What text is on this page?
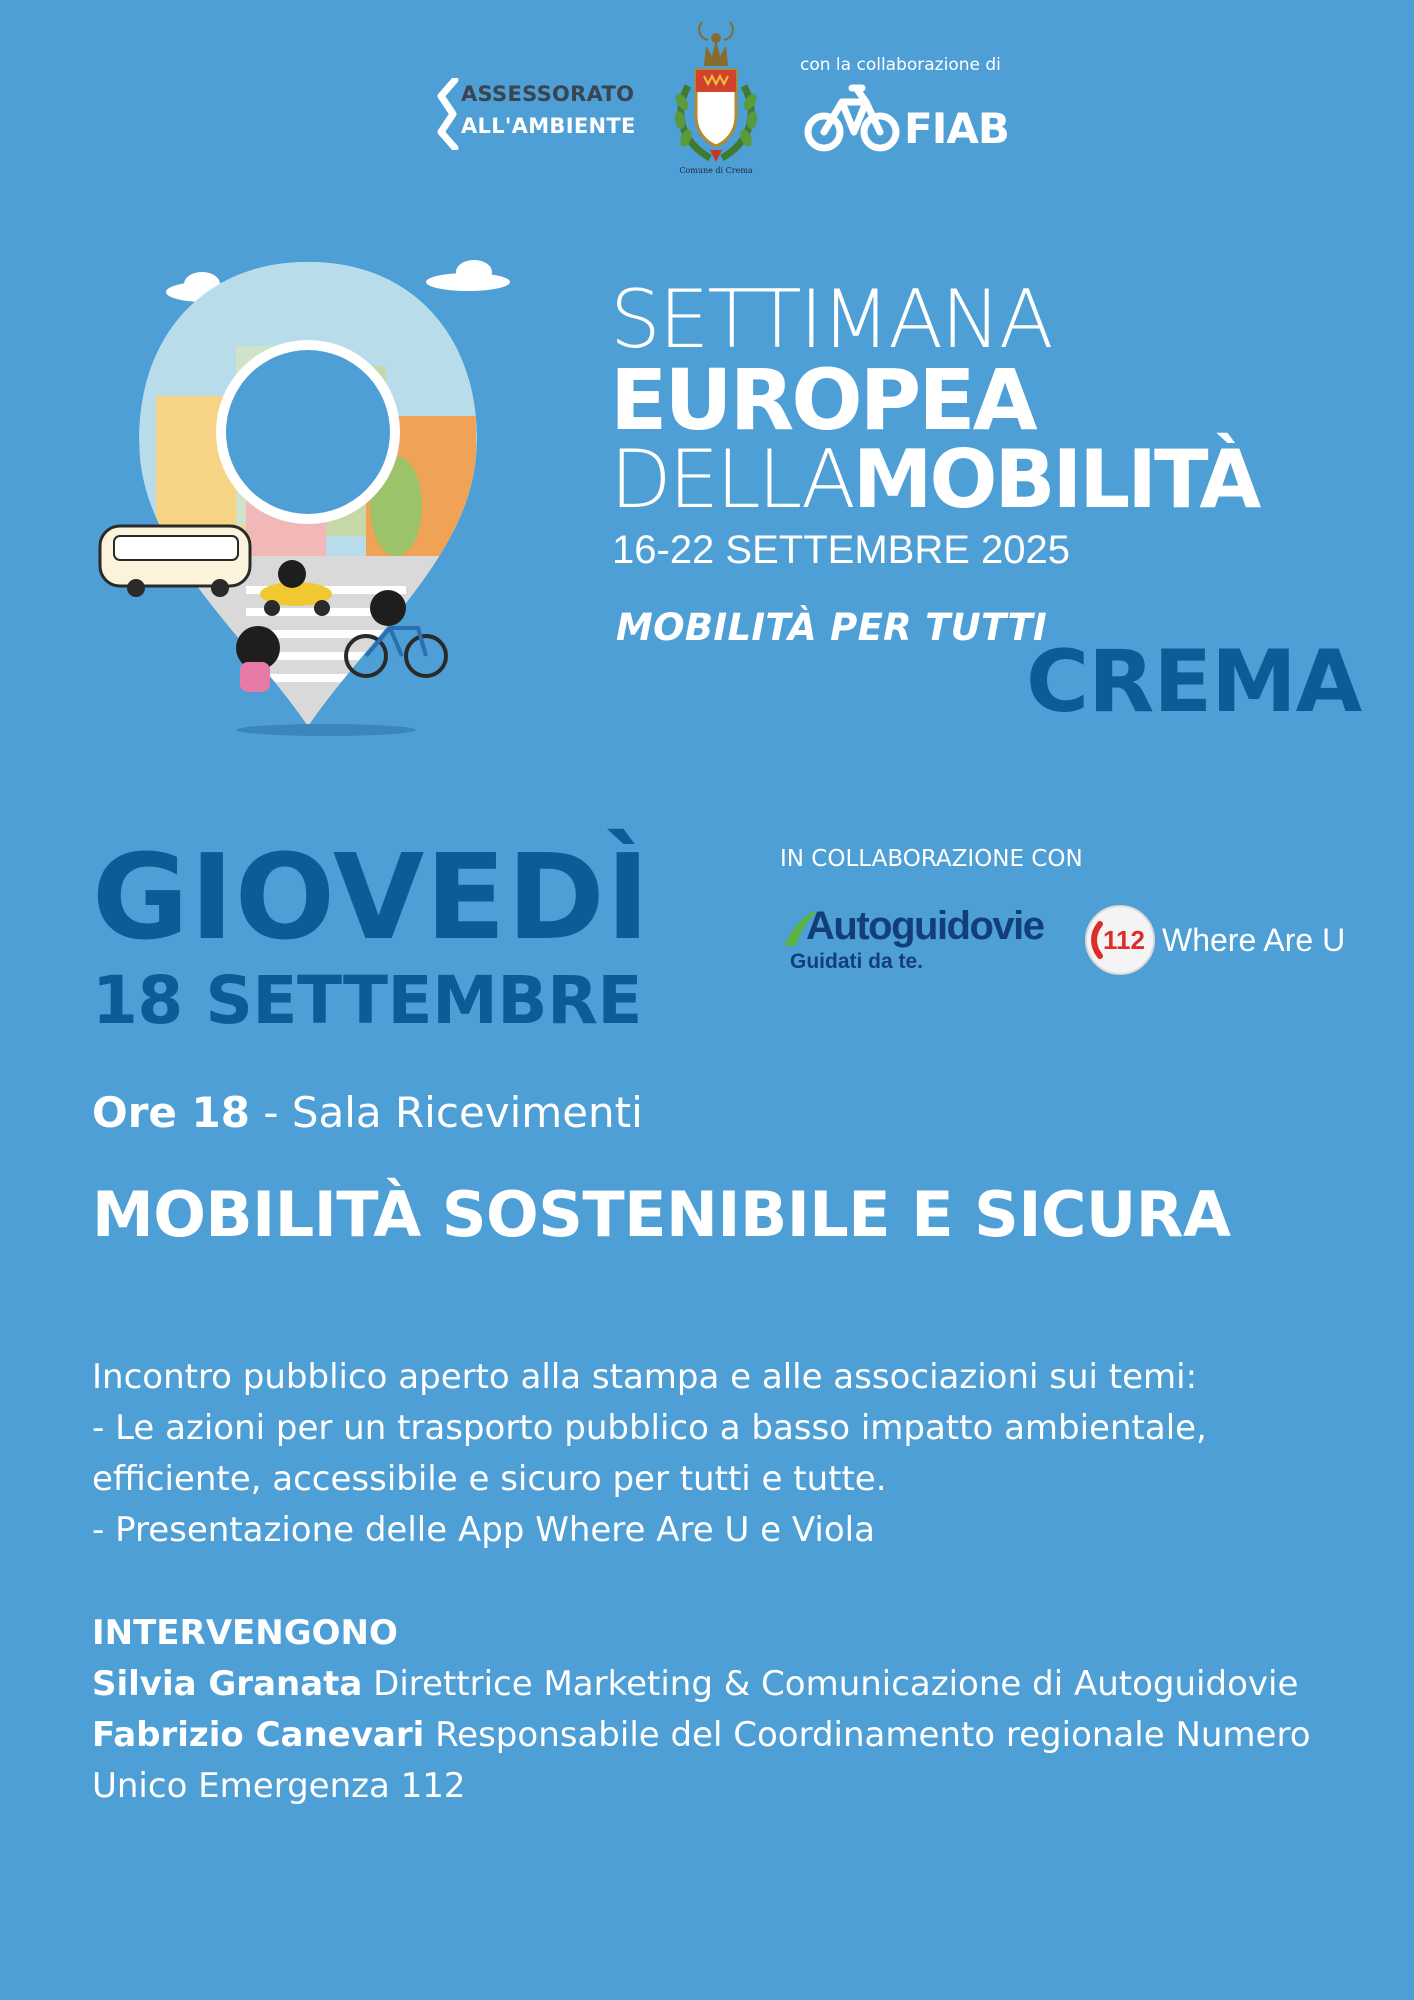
ASSESSORATO
ALL'AMBIENTE
Comune di Crema
con la collaborazione di
FIAB
SETTIMANA
EUROPEA
DELLAMOBILITÀ
16-22 SETTEMBRE 2025
MOBILITÀ PER TUTTI
CREMA
GIOVEDÌ
18 SETTEMBRE
IN COLLABORAZIONE CON
Autoguidovie
Guidati da te.
112 Where Are U
Ore 18 - Sala Ricevimenti
MOBILITÀ SOSTENIBILE E SICURA
Incontro pubblico aperto alla stampa e alle associazioni sui temi:
- Le azioni per un trasporto pubblico a basso impatto ambientale,
efficiente, accessibile e sicuro per tutti e tutte.
- Presentazione delle App Where Are U e Viola
INTERVENGONO
Silvia Granata Direttrice Marketing & Comunicazione di Autoguidovie
Fabrizio Canevari Responsabile del Coordinamento regionale Numero Unico Emergenza 112
